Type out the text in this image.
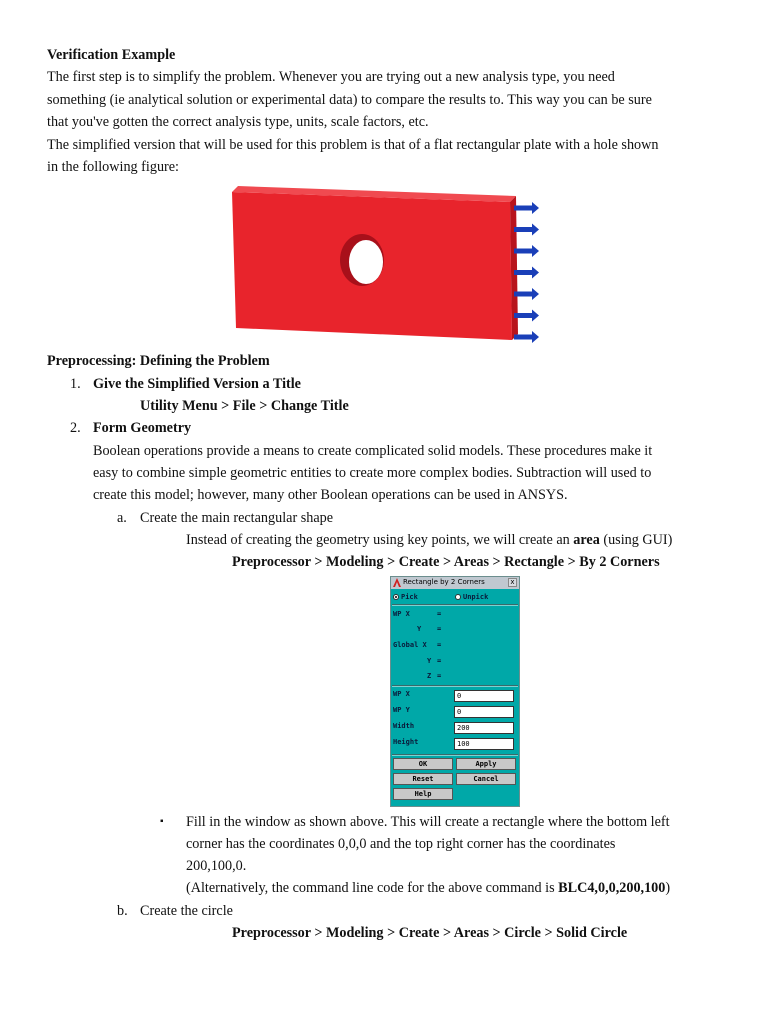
Verification Example
The first step is to simplify the problem. Whenever you are trying out a new analysis type, you need
something (ie analytical solution or experimental data) to compare the results to. This way you can be sure
that you've gotten the correct analysis type, units, scale factors, etc.
The simplified version that will be used for this problem is that of a flat rectangular plate with a hole shown
in the following figure:
Preprocessing: Defining the Problem
1. Give the Simplified Version a Title
Utility Menu > File > Change Title
2. Form Geometry
Boolean operations provide a means to create complicated solid models. These procedures make it
easy to combine simple geometric entities to create more complex bodies. Subtraction will used to
create this model; however, many other Boolean operations can be used in ANSYS.
a. Create the main rectangular shape
Instead of creating the geometry using key points, we will create an area (using GUI)
Preprocessor > Modeling > Create > Areas > Rectangle > By 2 Corners
Rectangle by 2 Corners	x
Pick	Unpick
WP X	=
Y =
Global X =
Y =
Z =
WP X	0
WP Y	0
Width	200
Height	100
OK	Apply
Reset	Cancel
Help
▪ Fill in the window as shown above. This will create a rectangle where the bottom left
corner has the coordinates 0,0,0 and the top right corner has the coordinates
200,100,0.
(Alternatively, the command line code for the above command is BLC4,0,0,200,100)
b. Create the circle
Preprocessor > Modeling > Create > Areas > Circle > Solid Circle
